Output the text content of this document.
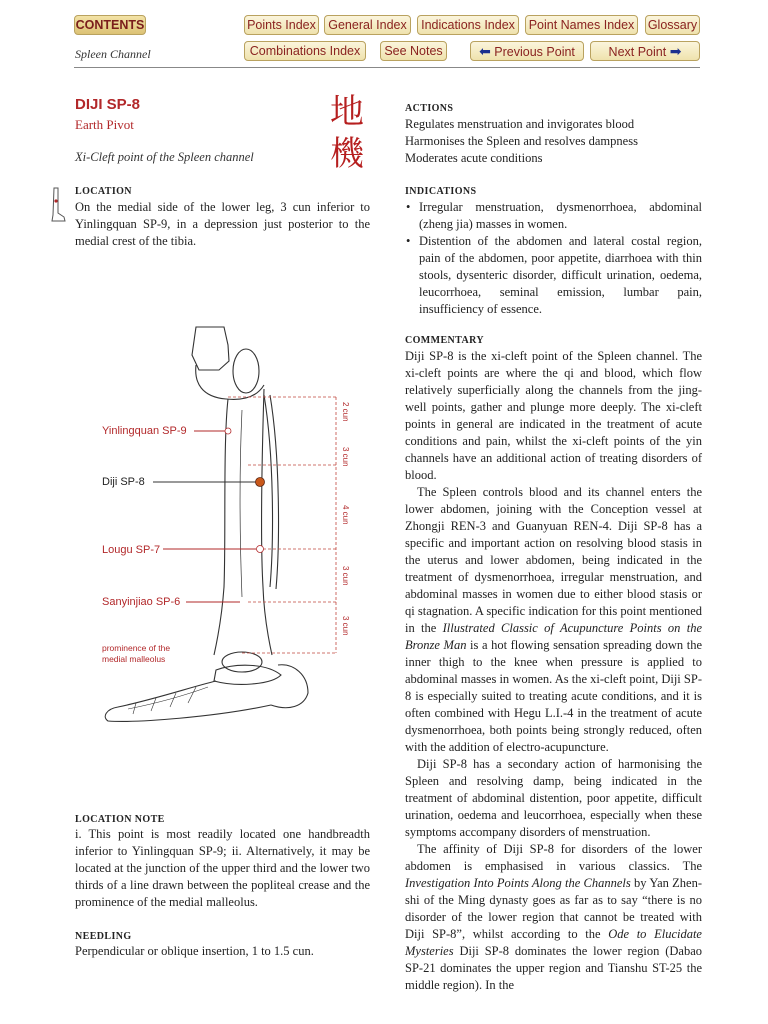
CONTENTS	Points Index General Index	Indications Index	Point Names Index Glossary
Spleen Channel	Combinations Index	See Notes	⬅ Previous Point	Next Point ➡
DIJI SP-8
Earth Pivot
Xi-Cleft point of the Spleen channel
地
機
LOCATION
On the medial side of the lower leg, 3 cun inferior to Yinlingquan SP-9, in a depression just posterior to the medial crest of the tibia.
Yinlingquan SP-9
Diji SP-8
Lougu SP-7
Sanyinjiao SP-6
prominence of the
medial malleolus
2 cun
3 cun
4 cun
3 cun
3 cun
LOCATION NOTE
i. This point is most readily located one handbreadth inferior to Yinlingquan SP-9; ii. Alternatively, it may be located at the junction of the upper third and the lower two thirds of a line drawn between the popliteal crease and the prominence of the medial malleolus.
NEEDLING
Perpendicular or oblique insertion, 1 to 1.5 cun.
ACTIONS
Regulates menstruation and invigorates blood
Harmonises the Spleen and resolves dampness
Moderates acute conditions
INDICATIONS
• Irregular menstruation, dysmenorrhoea, abdominal (zheng jia) masses in women.
• Distention of the abdomen and lateral costal region, pain of the abdomen, poor appetite, diarrhoea with thin stools, dysenteric disorder, difficult urination, oedema, leucorrhoea, seminal emission, lumbar pain, insufficiency of essence.
COMMENTARY

Diji SP-8 is the xi-cleft point of the Spleen channel. The xi-cleft points are where the qi and blood, which flow relatively superficially along the channels from the jing-well points, gather and plunge more deeply. The xi-cleft points in general are indicated in the treatment of acute conditions and pain, whilst the xi-cleft points of the yin channels have an additional action of treating disorders of blood.

The Spleen controls blood and its channel enters the lower abdomen, joining with the Conception vessel at Zhongji REN-3 and Guanyuan REN-4. Diji SP-8 has a specific and important action on resolving blood stasis in the uterus and lower abdomen, being indicated in the treatment of dysmenorrhoea, irregular menstruation, and abdominal masses in women due to either blood stasis or qi stagnation. A specific indication for this point mentioned in the Illustrated Classic of Acupuncture Points on the Bronze Man is a hot flowing sensation spreading down the inner thigh to the knee when pressure is applied to abdominal masses in women. As the xi-cleft point, Diji SP-8 is especially suited to treating acute conditions, and it is often combined with Hegu L.I.-4 in the treatment of acute dysmenorrhoea, both points being strongly reduced, often with the addition of electro-acupuncture.

Diji SP-8 has a secondary action of harmonising the Spleen and resolving damp, being indicated in the treatment of abdominal distention, poor appetite, difficult urination, oedema and leucorrhoea, especially when these symptoms accompany disorders of menstruation.

The affinity of Diji SP-8 for disorders of the lower abdomen is emphasised in various classics. The Investigation Into Points Along the Channels by Yan Zhen-shi of the Ming dynasty goes as far as to say “there is no disorder of the lower region that cannot be treated with Diji SP-8”, whilst according to the Ode to Elucidate Mysteries Diji SP-8 dominates the lower region (Dabao SP-21 dominates the upper region and Tianshu ST-25 the middle region). In the
